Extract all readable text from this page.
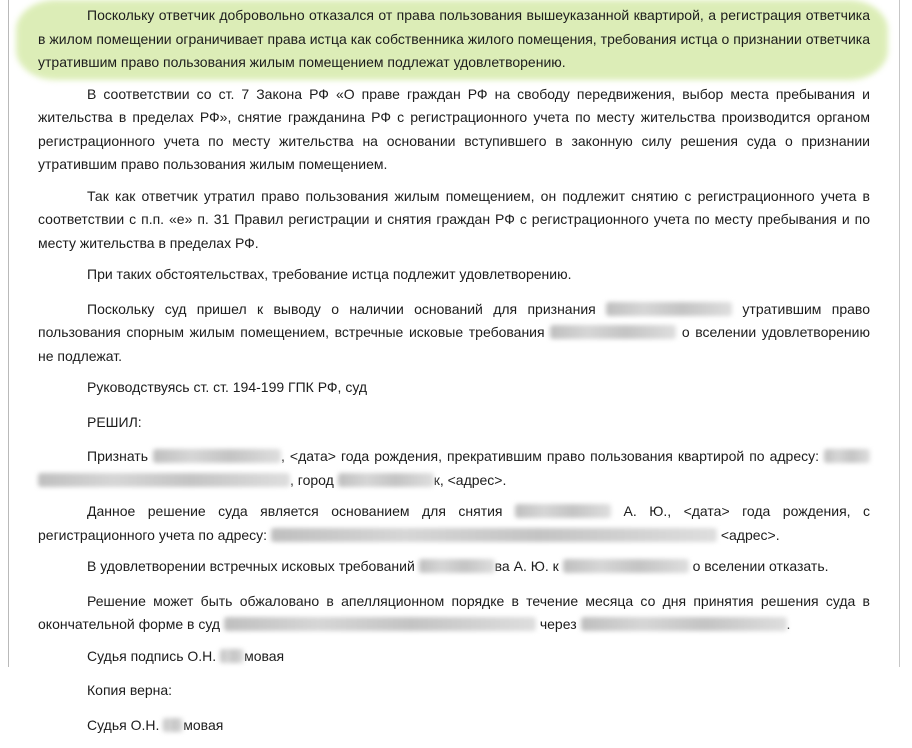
Поскольку ответчик добровольно отказался от права пользования вышеуказанной квартирой, а регистрация ответчика в жилом помещении ограничивает права истца как собственника жилого помещения, требования истца о признании ответчика утратившим право пользования жилым помещением подлежат удовлетворению.

В соответствии со ст. 7 Закона РФ «О праве граждан РФ на свободу передвижения, выбор места пребывания и жительства в пределах РФ», снятие гражданина РФ с регистрационного учета по месту жительства производится органом регистрационного учета по месту жительства на основании вступившего в законную силу решения суда о признании утратившим право пользования жилым помещением.

Так как ответчик утратил право пользования жилым помещением, он подлежит снятию с регистрационного учета в соответствии с п.п. «е» п. 31 Правил регистрации и снятия граждан РФ с регистрационного учета по месту пребывания и по месту жительства в пределах РФ.

При таких обстоятельствах, требование истца подлежит удовлетворению.

Поскольку суд пришел к выводу о наличии оснований для признания	утратившим право пользования спорным жилым помещением, встречные исковые требования	о вселении удовлетворению не подлежат.

Руководствуясь ст. ст. 194-199 ГПК РФ, суд

РЕШИЛ:

Признать	, <дата> года рождения, прекратившим право пользования квартирой по адресу:  , город	к, <адрес>.

Данное решение суда является основанием для снятия	А. Ю., <дата> года рождения, с регистрационного учета по адресу:	<адрес>.

В удовлетворении встречных исковых требований	ва А. Ю. к	о вселении отказать.

Решение может быть обжаловано в апелляционном порядке в течение месяца со дня принятия решения суда в окончательной форме в суд	через	.

Судья подпись О.Н. мовая

Копия верна:

Судья О.Н. мовая
